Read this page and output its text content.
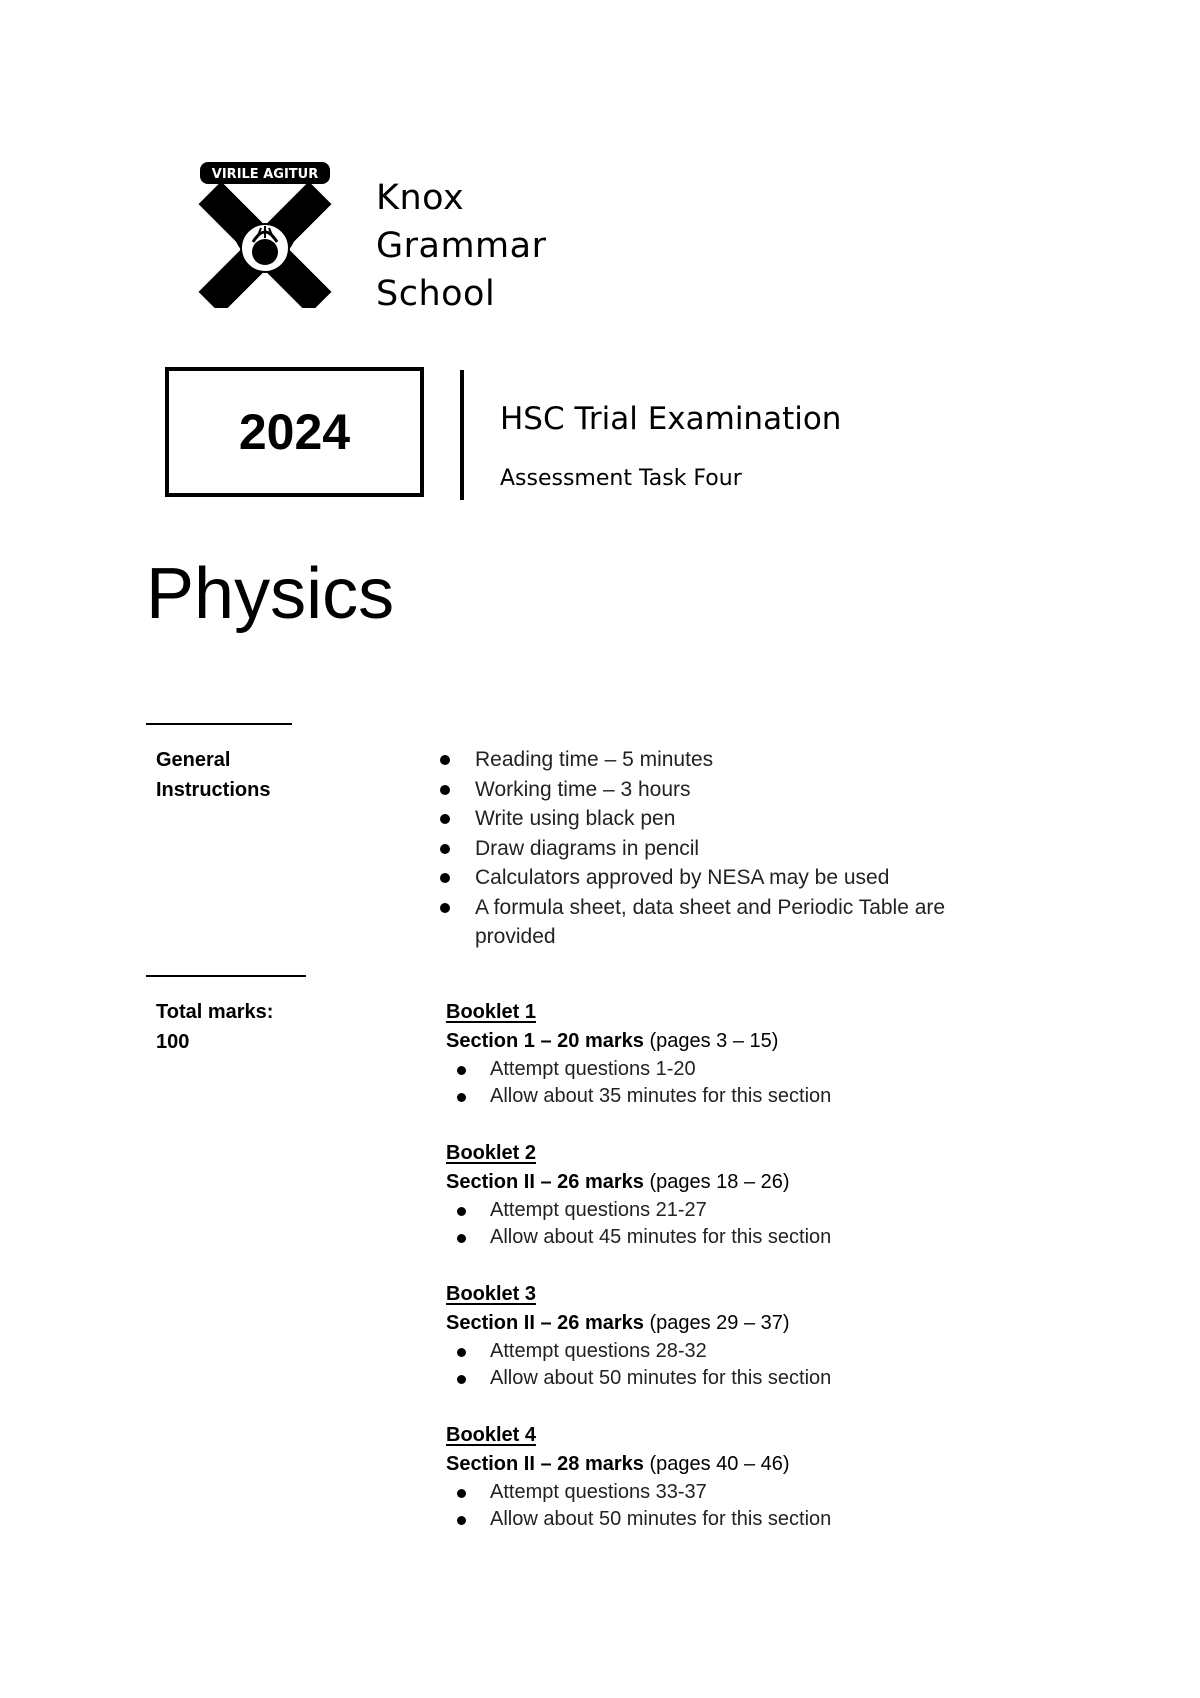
VIRILE AGITUR
Knox
Grammar
School
2024	HSC Trial Examination
Assessment Task Four
Physics
General
Instructions
Reading time – 5 minutes
Working time – 3 hours
Write using black pen
Draw diagrams in pencil
Calculators approved by NESA may be used
A formula sheet, data sheet and Periodic Table are provided
Total marks:
100
Booklet 1
Section 1 – 20 marks (pages 3 – 15)
Attempt questions 1-20
Allow about 35 minutes for this section
Booklet 2
Section II – 26 marks (pages 18 – 26)
Attempt questions 21-27
Allow about 45 minutes for this section
Booklet 3
Section II – 26 marks (pages 29 – 37)
Attempt questions 28-32
Allow about 50 minutes for this section
Booklet 4
Section II – 28 marks (pages 40 – 46)
Attempt questions 33-37
Allow about 50 minutes for this section
